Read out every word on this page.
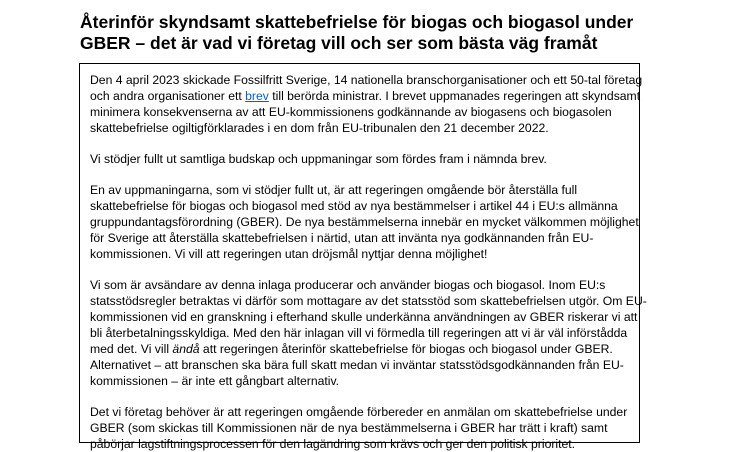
Återinför skyndsamt skattebefrielse för biogas och biogasol under
GBER – det är vad vi företag vill och ser som bästa väg framåt

Den 4 april 2023 skickade Fossilfritt Sverige, 14 nationella branschorganisationer och ett 50-tal företag
och andra organisationer ett brev till berörda ministrar. I brevet uppmanades regeringen att skyndsamt
minimera konsekvenserna av att EU-kommissionens godkännande av biogasens och biogasolen
skattebefrielse ogiltigförklarades i en dom från EU-tribunalen den 21 december 2022.

Vi stödjer fullt ut samtliga budskap och uppmaningar som fördes fram i nämnda brev.

En av uppmaningarna, som vi stödjer fullt ut, är att regeringen omgående bör återställa full
skattebefrielse för biogas och biogasol med stöd av nya bestämmelser i artikel 44 i EU:s allmänna
gruppundantagsförordning (GBER). De nya bestämmelserna innebär en mycket välkommen möjlighet
för Sverige att återställa skattebefrielsen i närtid, utan att invänta nya godkännanden från EU-
kommissionen. Vi vill att regeringen utan dröjsmål nyttjar denna möjlighet!

Vi som är avsändare av denna inlaga producerar och använder biogas och biogasol. Inom EU:s
statsstödsregler betraktas vi därför som mottagare av det statsstöd som skattebefrielsen utgör. Om EU-
kommissionen vid en granskning i efterhand skulle underkänna användningen av GBER riskerar vi att
bli återbetalningsskyldiga. Med den här inlagan vill vi förmedla till regeringen att vi är väl införstådda
med det. Vi vill ändå att regeringen återinför skattebefrielse för biogas och biogasol under GBER.
Alternativet – att branschen ska bära full skatt medan vi inväntar statsstödsgodkännanden från EU-
kommissionen – är inte ett gångbart alternativ.

Det vi företag behöver är att regeringen omgående förbereder en anmälan om skattebefrielse under
GBER (som skickas till Kommissionen när de nya bestämmelserna i GBER har trätt i kraft) samt
påbörjar lagstiftningsprocessen för den lagändring som krävs och ger den politisk prioritet.
